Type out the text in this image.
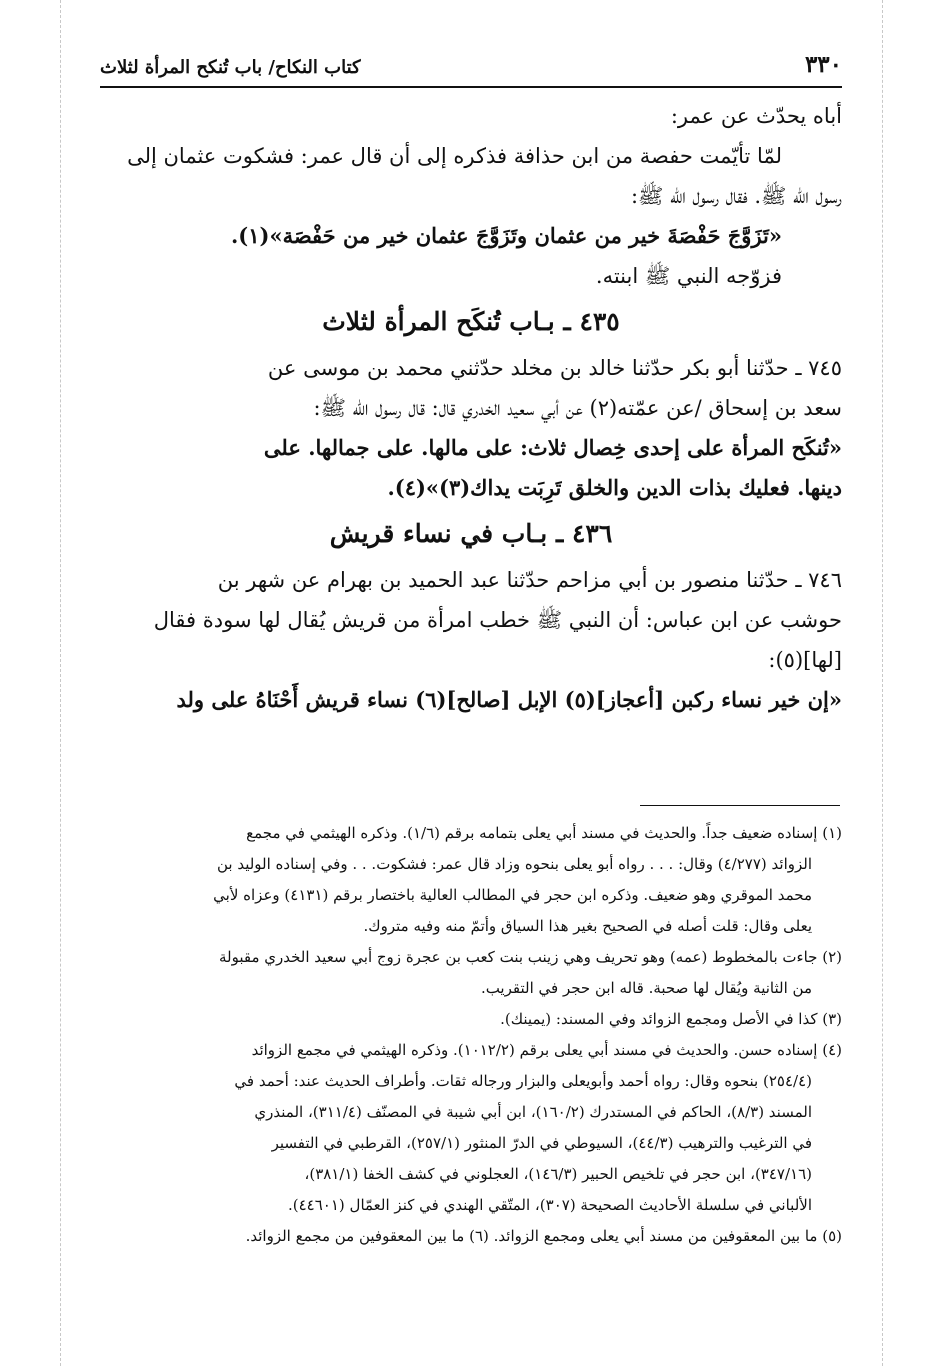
٣٣٠
كتاب النكاح/ باب تُنكح المرأة لثلاث
أباه يحدّث عن عمر:
لمّا تأيّمت حفصة من ابن حذافة فذكره إلى أن قال عمر: فشكوت عثمان إلى
رسول الله ﷺ. فقال رسول الله ﷺ:
«تَزَوَّجَ حَفْصَةَ خير من عثمان وتَزَوَّجَ عثمان خير من حَفْصَة»(١).
فزوّجه النبي ﷺ ابنته.
٤٣٥ ـ بـاب تُنكَح المرأة لثلاث
٧٤٥ ـ حدّثنا أبو بكر حدّثنا خالد بن مخلد حدّثني محمد بن موسى عن
سعد بن إسحاق /عن عمّته(٢) عن أبي سعيد الخدري قال: قال رسول الله ﷺ:
«تُنكَح المرأة على إحدى خِصال ثلاث: على مالها. على جمالها. على
دينها. فعليك بذات الدين والخلق تَرِبَت يداك(٣)»(٤).
٤٣٦ ـ بـاب في نساء قريش
٧٤٦ ـ حدّثنا منصور بن أبي مزاحم حدّثنا عبد الحميد بن بهرام عن شهر بن
حوشب عن ابن عباس: أن النبي ﷺ خطب امرأة من قريش يُقال لها سودة فقال
[لها](٥):
«إن خير نساء ركبن [أعجاز](٥) الإبل [صالح](٦) نساء قريش أَحْنَاهُ على ولد
(١) إسناده ضعيف جداً. والحديث في مسند أبي يعلى بتمامه برقم (١/٦). وذكره الهيثمي في مجمع
الزوائد (٤/٢٧٧) وقال: . . . رواه أبو يعلى بنحوه وزاد قال عمر: فشكوت. . . وفي إسناده الوليد بن
محمد الموقري وهو ضعيف. وذكره ابن حجر في المطالب العالية باختصار برقم (٤١٣١) وعزاه لأبي
يعلى وقال: قلت أصله في الصحيح بغير هذا السياق وأتمّ منه وفيه متروك.
(٢) جاءت بالمخطوط (عمه) وهو تحريف وهي زينب بنت كعب بن عجرة زوج أبي سعيد الخدري مقبولة
من الثانية ويُقال لها صحبة. قاله ابن حجر في التقريب.
(٣) كذا في الأصل ومجمع الزوائد وفي المسند: (يمينك).
(٤) إسناده حسن. والحديث في مسند أبي يعلى برقم (١٠١٢/٢). وذكره الهيثمي في مجمع الزوائد
(٢٥٤/٤) بنحوه وقال: رواه أحمد وأبويعلى والبزار ورجاله ثقات. وأطراف الحديث عند: أحمد في
المسند (٨/٣)، الحاكم في المستدرك (١٦٠/٢)، ابن أبي شيبة في المصنّف (٣١١/٤)، المنذري
في الترغيب والترهيب (٤٤/٣)، السيوطي في الدرّ المنثور (٢٥٧/١)، القرطبي في التفسير
(٣٤٧/١٦)، ابن حجر في تلخيص الحبير (١٤٦/٣)، العجلوني في كشف الخفا (٣٨١/١)،
الألباني في سلسلة الأحاديث الصحيحة (٣٠٧)، المتّقي الهندي في كنز العمّال (٤٤٦٠١).
(٥) ما بين المعقوفين من مسند أبي يعلى ومجمع الزوائد. (٦) ما بين المعقوفين من مجمع الزوائد.
